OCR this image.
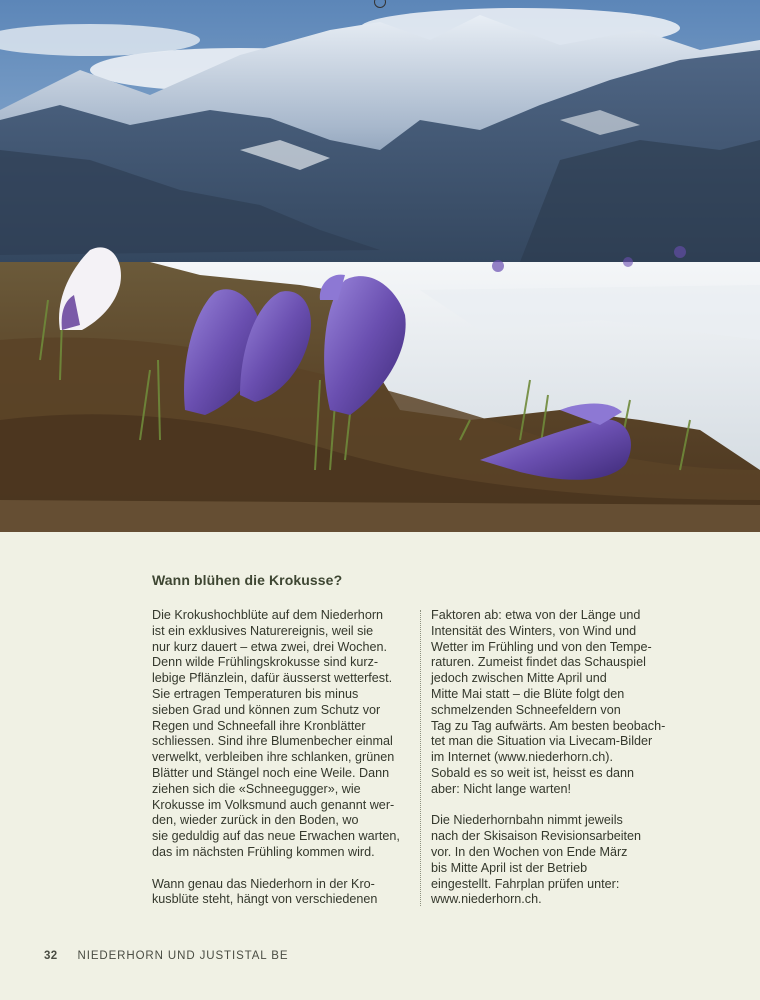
Wann blühen die Krokusse?

Die Krokushochblüte auf dem Niederhorn
ist ein exklusives Naturereignis, weil sie
nur kurz dauert – etwa zwei, drei Wochen.
Denn wilde Frühlingskrokusse sind kurz-
lebige Pflänzlein, dafür äusserst wetterfest.
Sie ertragen Temperaturen bis minus
sieben Grad und können zum Schutz vor
Regen und Schneefall ihre Kronblätter
schliessen. Sind ihre Blumenbecher einmal
verwelkt, verbleiben ihre schlanken, grünen
Blätter und Stängel noch eine Weile. Dann
ziehen sich die «Schneegugger», wie
Krokusse im Volksmund auch genannt wer-
den, wieder zurück in den Boden, wo
sie geduldig auf das neue Erwachen warten,
das im nächsten Frühling kommen wird.

Wann genau das Niederhorn in der Kro-
kusblüte steht, hängt von verschiedenen

Faktoren ab: etwa von der Länge und
Intensität des Winters, von Wind und
Wetter im Frühling und von den Tempe-
raturen. Zumeist findet das Schauspiel
jedoch zwischen Mitte April und
Mitte Mai statt – die Blüte folgt den
schmelzenden Schneefeldern von
Tag zu Tag aufwärts. Am besten beobach-
tet man die Situation via Livecam-Bilder
im Internet (www.niederhorn.ch).
Sobald es so weit ist, heisst es dann
aber: Nicht lange warten!

Die Niederhornbahn nimmt jeweils
nach der Skisaison Revisionsarbeiten
vor. In den Wochen von Ende März
bis Mitte April ist der Betrieb
eingestellt. Fahrplan prüfen unter:
www.niederhorn.ch.

32 NIEDERHORN UND JUSTISTAL BE
